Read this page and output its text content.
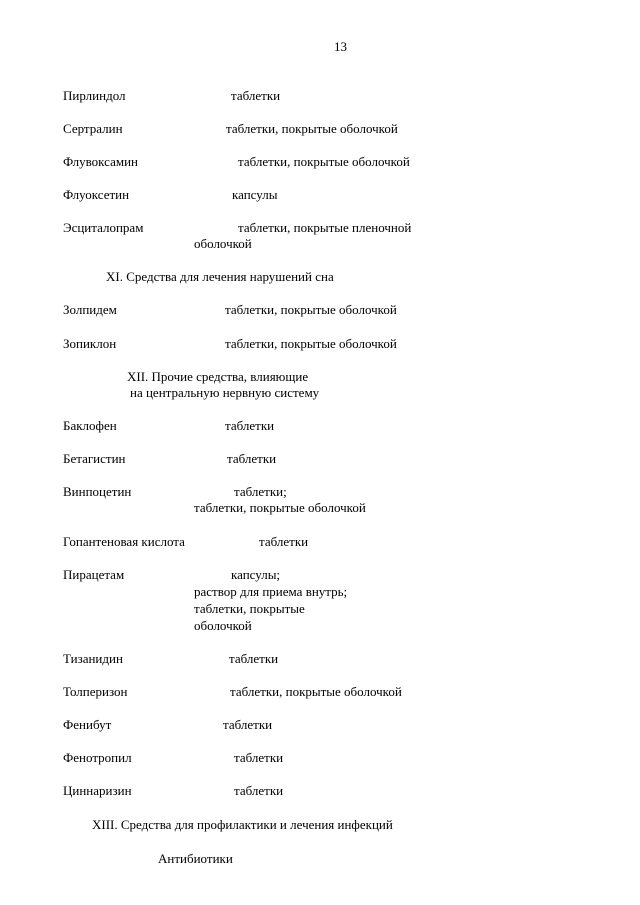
13
Пирлиндол	таблетки
Сертралин	таблетки, покрытые оболочкой
Флувоксамин	таблетки, покрытые оболочкой
Флуоксетин	капсулы
Эсциталопрам	таблетки, покрытые пленочной
оболочкой
XI. Средства для лечения нарушений сна
Золпидем	таблетки, покрытые оболочкой
Зопиклон	таблетки, покрытые оболочкой
XII. Прочие средства, влияющие
на центральную нервную систему
Баклофен	таблетки
Бетагистин	таблетки
Винпоцетин	таблетки;
таблетки, покрытые оболочкой
Гопантеновая кислота	таблетки
Пирацетам	капсулы;
раствор для приема внутрь;
таблетки, покрытые
оболочкой
Тизанидин	таблетки
Толперизон	таблетки, покрытые оболочкой
Фенибут	таблетки
Фенотропил	таблетки
Циннаризин	таблетки
XIII. Средства для профилактики и лечения инфекций
Антибиотики
